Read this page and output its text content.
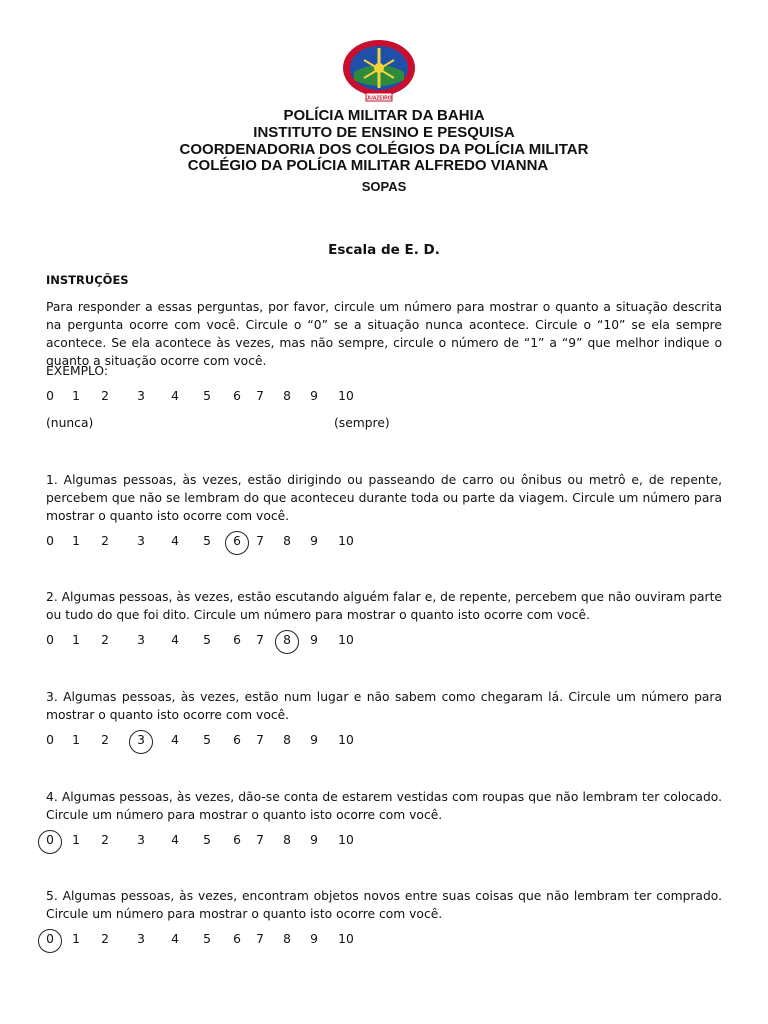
JUAZEIRO
POLÍCIA MILITAR DA BAHIA
INSTITUTO DE ENSINO E PESQUISA
COORDENADORIA DOS COLÉGIOS DA POLÍCIA MILITAR
COLÉGIO DA POLÍCIA MILITAR ALFREDO VIANNA
SOPAS
Escala de E. D.
INSTRUÇÕES
Para responder a essas perguntas, por favor, circule um número para mostrar o quanto a situação descrita na pergunta ocorre com você. Circule o “0” se a situação nunca acontece. Circule o “10” se ela sempre acontece. Se ela acontece às vezes, mas não sempre, circule o número de “1” a “9” que melhor indique o quanto a situação ocorre com você.
EXEMPLO:
0 1 2 3 4 5 6 7 8 9 10
(nunca)	(sempre)
1. Algumas pessoas, às vezes, estão dirigindo ou passeando de carro ou ônibus ou metrô e, de repente, percebem que não se lembram do que aconteceu durante toda ou parte da viagem. Circule um número para mostrar o quanto isto ocorre com você.
0 1 2 3 4 5 6 7 8 9 10
2. Algumas pessoas, às vezes, estão escutando alguém falar e, de repente, percebem que não ouviram parte ou tudo do que foi dito. Circule um número para mostrar o quanto isto ocorre com você.
0 1 2 3 4 5 6 7 8 9 10
3. Algumas pessoas, às vezes, estão num lugar e não sabem como chegaram lá. Circule um número para mostrar o quanto isto ocorre com você.
0 1 2 3 4 5 6 7 8 9 10
4. Algumas pessoas, às vezes, dão-se conta de estarem vestidas com roupas que não lembram ter colocado. Circule um número para mostrar o quanto isto ocorre com você.
0 1 2 3 4 5 6 7 8 9 10
5. Algumas pessoas, às vezes, encontram objetos novos entre suas coisas que não lembram ter comprado. Circule um número para mostrar o quanto isto ocorre com você.
0 1 2 3 4 5 6 7 8 9 10
